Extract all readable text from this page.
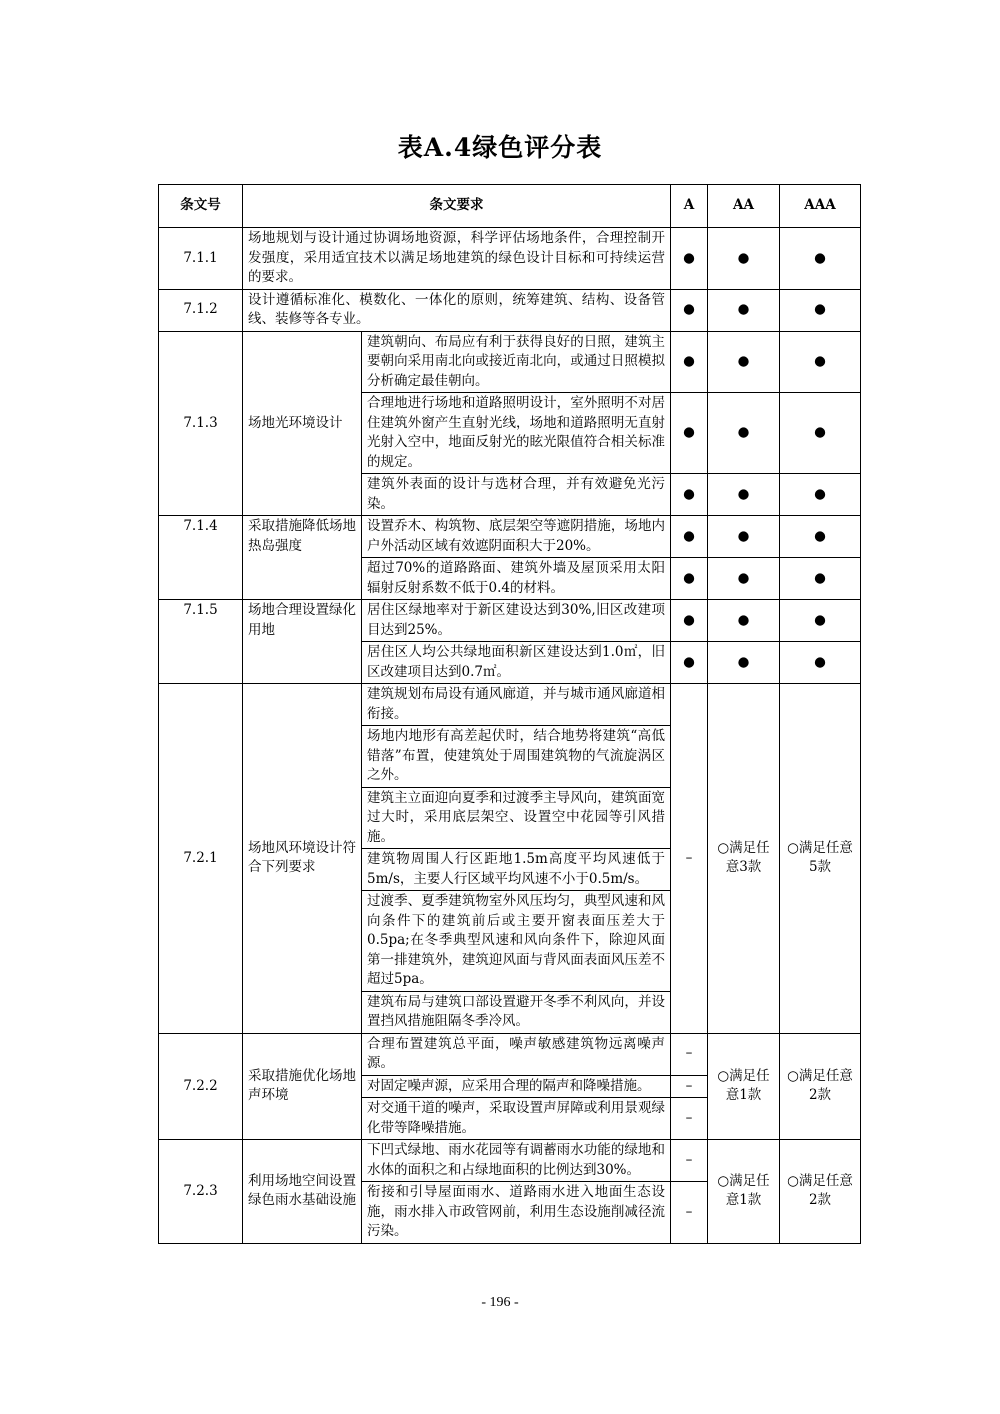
表A.4绿色评分表
条文号	条文要求		A	AA	AAA
7.1.1	场地规划与设计通过协调场地资源，科学评估场地条件，合理控制开发强度，采用适宜技术以满足场地建筑的绿色设计目标和可持续运营的要求。		●	●	●
7.1.2	设计遵循标准化、模数化、一体化的原则，统筹建筑、结构、设备管线、装修等各专业。		●	●	●
7.1.3	场地光环境设计	建筑朝向、布局应有利于获得良好的日照，建筑主要朝向采用南北向或接近南北向，或通过日照模拟分析确定最佳朝向。	●	●	●
		合理地进行场地和道路照明设计，室外照明不对居住建筑外窗产生直射光线，场地和道路照明无直射光射入空中，地面反射光的眩光限值符合相关标准的规定。	●	●	●
		建筑外表面的设计与选材合理，并有效避免光污染。	●	●	●
7.1.4	采取措施降低场地热岛强度	设置乔木、构筑物、底层架空等遮阴措施，场地内户外活动区域有效遮阴面积大于20%。	●	●	●
		超过70%的道路路面、建筑外墙及屋顶采用太阳辐射反射系数不低于0.4的材料。	●	●	●
7.1.5	场地合理设置绿化用地	居住区绿地率对于新区建设达到30%,旧区改建项目达到25%。	●	●	●
		居住区人均公共绿地面积新区建设达到1.0㎡，旧区改建项目达到0.7㎡。	●	●	●
7.2.1	场地风环境设计符合下列要求	建筑规划布局设有通风廊道，并与城市通风廊道相衔接。	–	○满足任意3款	○满足任意5款
		场地内地形有高差起伏时，结合地势将建筑“高低错落”布置，使建筑处于周围建筑物的气流旋涡区之外。			
		建筑主立面迎向夏季和过渡季主导风向，建筑面宽过大时，采用底层架空、设置空中花园等引风措施。			
		建筑物周围人行区距地1.5m高度平均风速低于5m/s，主要人行区域平均风速不小于0.5m/s。			
		过渡季、夏季建筑物室外风压均匀，典型风速和风向条件下的建筑前后或主要开窗表面压差大于0.5pa;在冬季典型风速和风向条件下，除迎风面第一排建筑外，建筑迎风面与背风面表面风压差不超过5pa。			
		建筑布局与建筑口部设置避开冬季不利风向，并设置挡风措施阻隔冬季冷风。			
7.2.2	采取措施优化场地声环境	合理布置建筑总平面，噪声敏感建筑物远离噪声源。	–	○满足任意1款	○满足任意2款
		对固定噪声源，应采用合理的隔声和降噪措施。	–		
		对交通干道的噪声，采取设置声屏障或利用景观绿化带等降噪措施。	–		
7.2.3	利用场地空间设置绿色雨水基础设施	下凹式绿地、雨水花园等有调蓄雨水功能的绿地和水体的面积之和占绿地面积的比例达到30%。	–	○满足任意1款	○满足任意2款
		衔接和引导屋面雨水、道路雨水进入地面生态设施，雨水排入市政管网前，利用生态设施削减径流污染。	–		
- 196 -
